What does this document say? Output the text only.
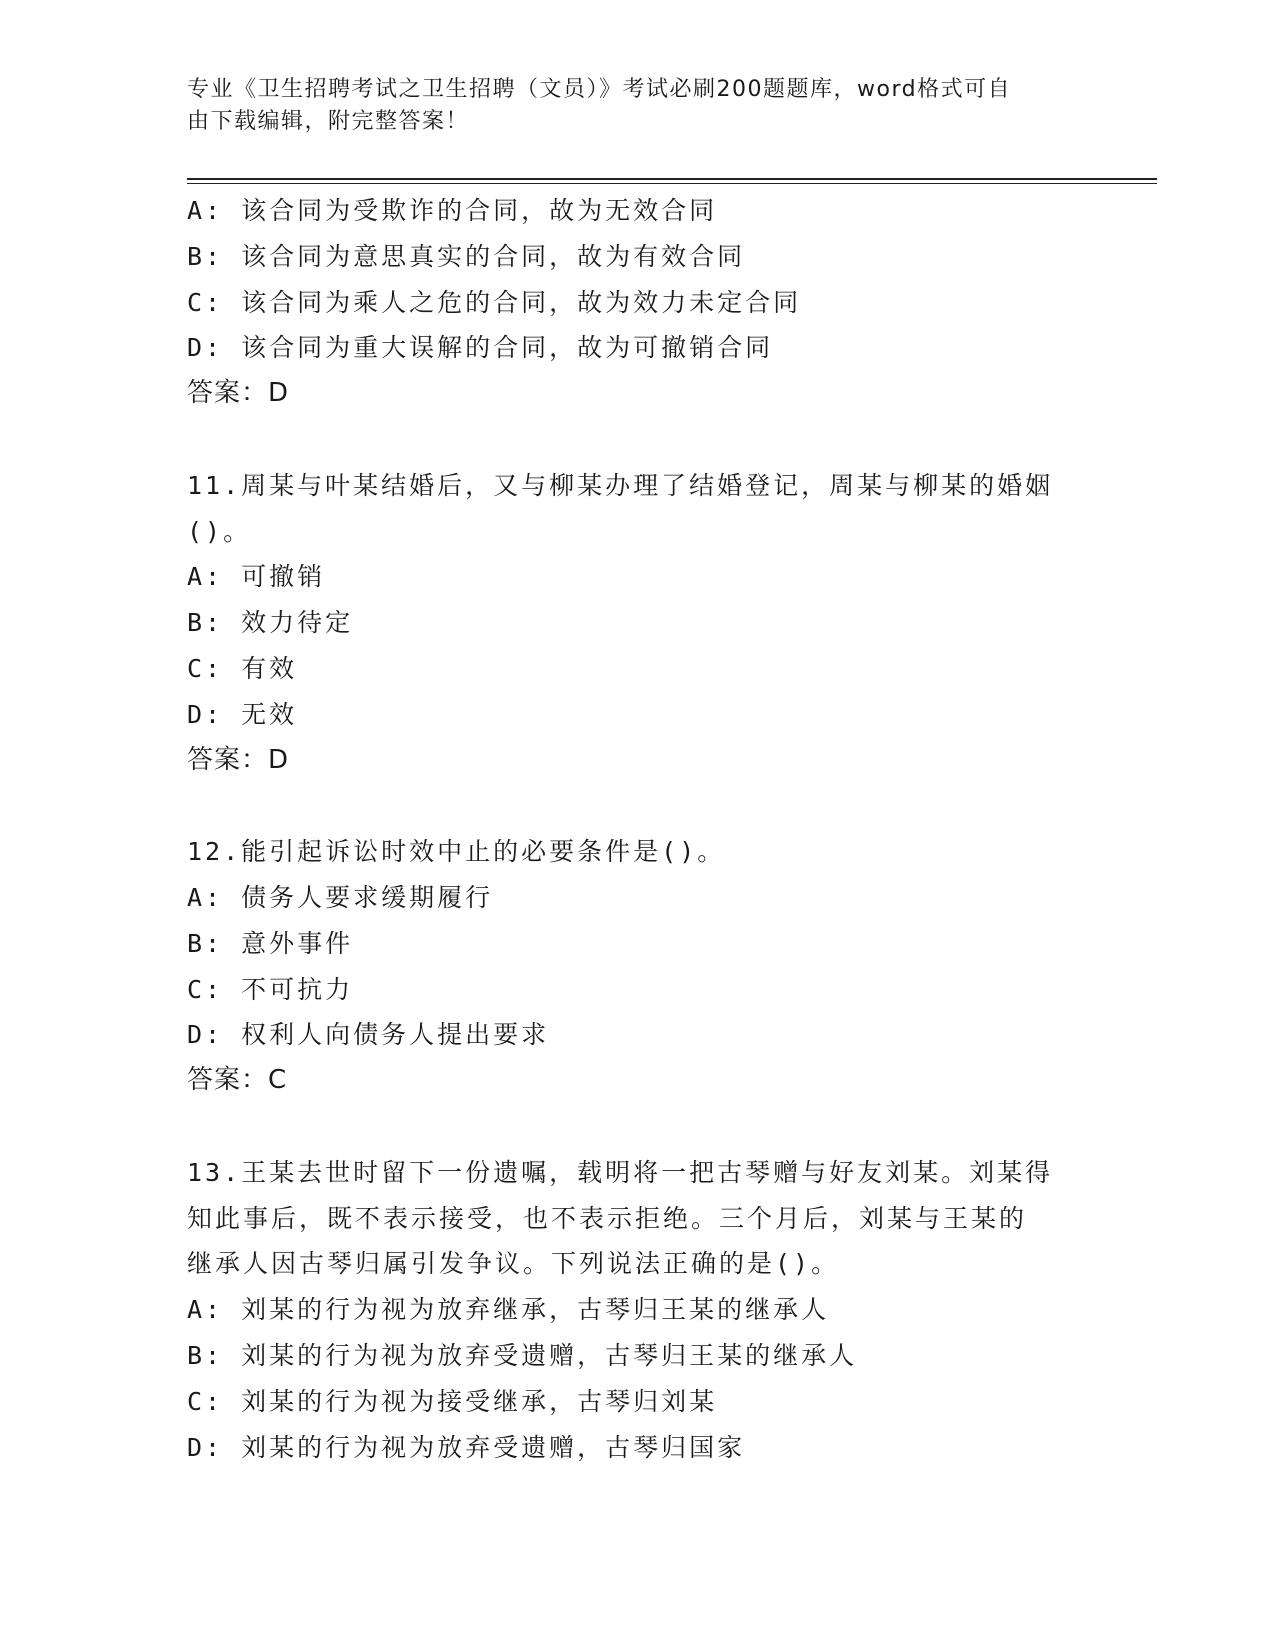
专业《卫生招聘考试之卫生招聘（文员）》考试必刷200题题库，word格式可自
由下载编辑，附完整答案！
A: 该合同为受欺诈的合同，故为无效合同
B: 该合同为意思真实的合同，故为有效合同
C: 该合同为乘人之危的合同，故为效力未定合同
D: 该合同为重大误解的合同，故为可撤销合同
答案：D
11.周某与叶某结婚后，又与柳某办理了结婚登记，周某与柳某的婚姻
()。
A: 可撤销
B: 效力待定
C: 有效
D: 无效
答案：D
12.能引起诉讼时效中止的必要条件是()。
A: 债务人要求缓期履行
B: 意外事件
C: 不可抗力
D: 权利人向债务人提出要求
答案：C
13.王某去世时留下一份遗嘱，载明将一把古琴赠与好友刘某。刘某得
知此事后，既不表示接受，也不表示拒绝。三个月后，刘某与王某的
继承人因古琴归属引发争议。下列说法正确的是()。
A: 刘某的行为视为放弃继承，古琴归王某的继承人
B: 刘某的行为视为放弃受遗赠，古琴归王某的继承人
C: 刘某的行为视为接受继承，古琴归刘某
D: 刘某的行为视为放弃受遗赠，古琴归国家
